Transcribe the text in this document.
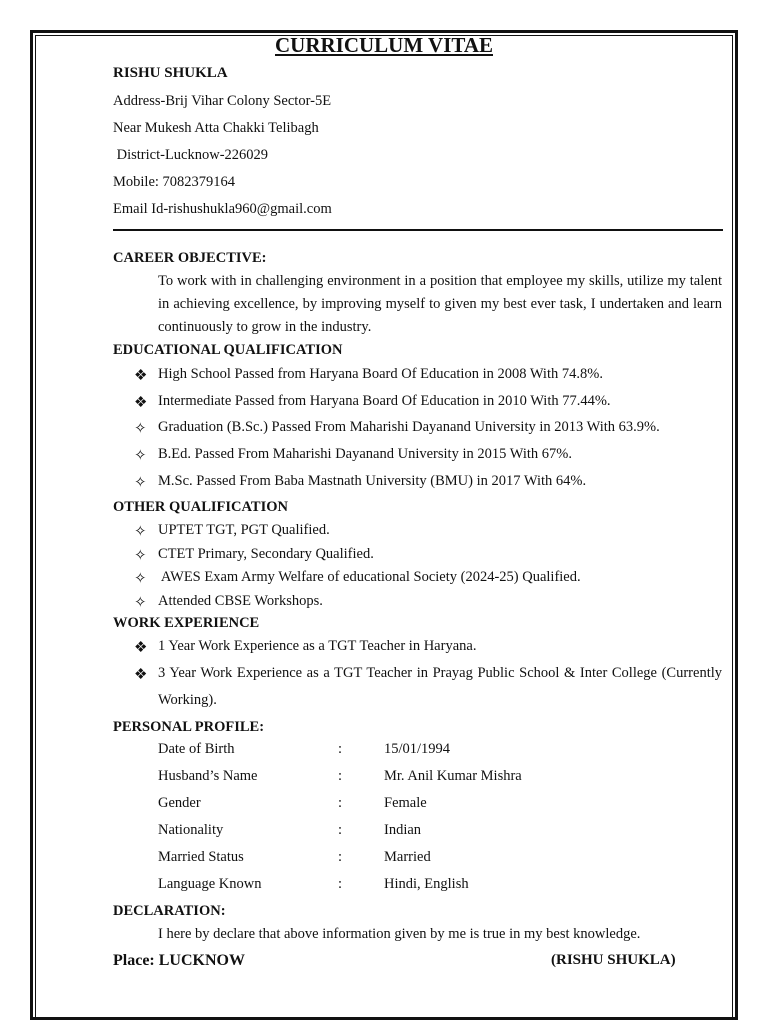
CURRICULUM VITAE
RISHU SHUKLA
Address-Brij Vihar Colony Sector-5E
Near Mukesh Atta Chakki Telibagh
District-Lucknow-226029
Mobile: 7082379164
Email Id-rishushukla960@gmail.com
CAREER OBJECTIVE:
To work with in challenging environment in a position that employee my skills, utilize my talent in achieving excellence, by improving myself to given my best ever task, I undertaken and learn continuously to grow in the industry.
EDUCATIONAL QUALIFICATION
❖ High School Passed from Haryana Board Of Education in 2008 With 74.8%.
❖ Intermediate Passed from Haryana Board Of Education in 2010 With 77.44%.
✧ Graduation (B.Sc.) Passed From Maharishi Dayanand University in 2013 With 63.9%.
✧ B.Ed. Passed From Maharishi Dayanand University in 2015 With 67%.
✧ M.Sc. Passed From Baba Mastnath University (BMU) in 2017 With 64%.
OTHER QUALIFICATION
✧ UPTET TGT, PGT Qualified.
✧ CTET Primary, Secondary Qualified.
✧ AWES Exam Army Welfare of educational Society (2024-25) Qualified.
✧ Attended CBSE Workshops.
WORK EXPERIENCE
❖ 1 Year Work Experience as a TGT Teacher in Haryana.
❖ 3 Year Work Experience as a TGT Teacher in Prayag Public School & Inter College (Currently Working).
PERSONAL PROFILE:
Date of Birth	:	15/01/1994
Husband’s Name	:	Mr. Anil Kumar Mishra
Gender	:	Female
Nationality	:	Indian
Married Status	:	Married
Language Known	:	Hindi, English
DECLARATION:
I here by declare that above information given by me is true in my best knowledge.
Place: LUCKNOW	(RISHU SHUKLA)
